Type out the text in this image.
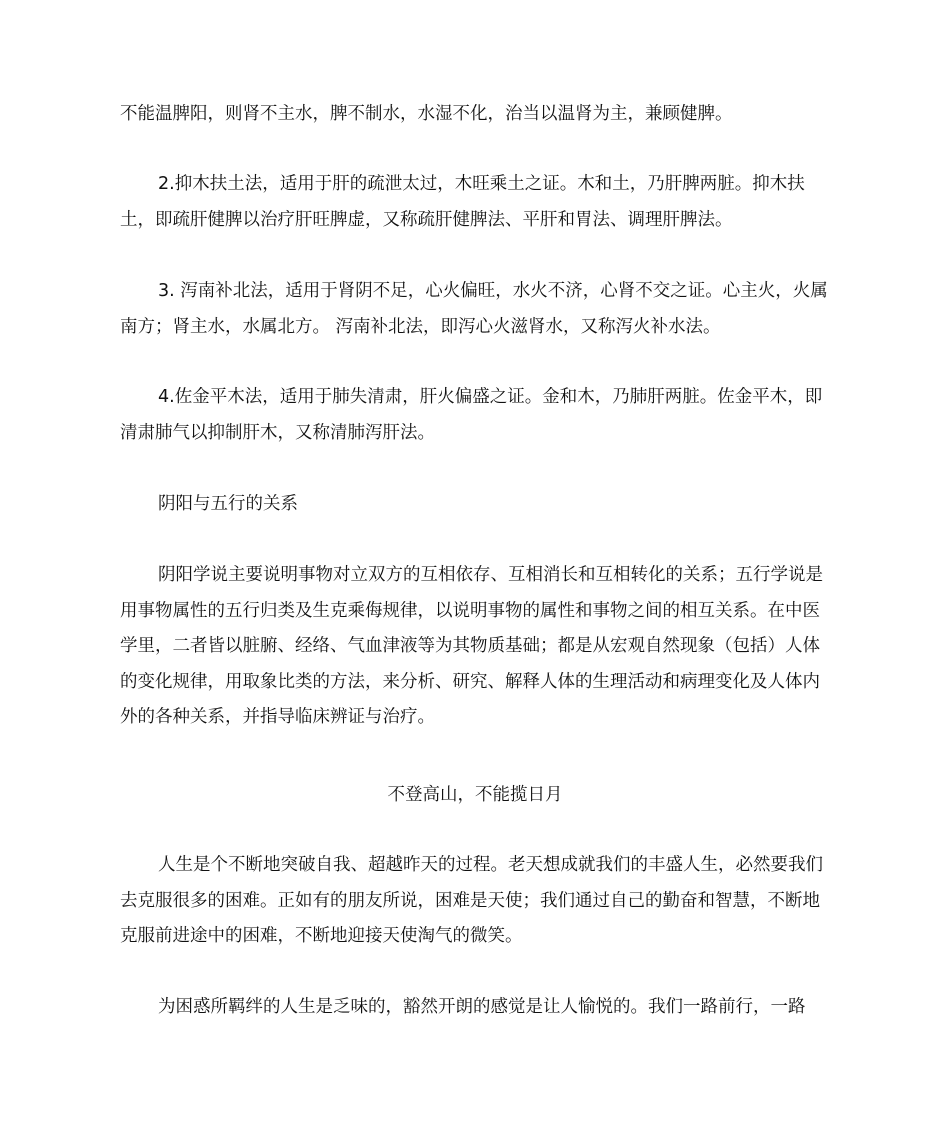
不能温脾阳，则肾不主水，脾不制水，水湿不化，治当以温肾为主，兼顾健脾。

2.抑木扶土法，适用于肝的疏泄太过，木旺乘土之证。木和土，乃肝脾两脏。抑木扶土，即疏肝健脾以治疗肝旺脾虚，又称疏肝健脾法、平肝和胃法、调理肝脾法。

3. 泻南补北法，适用于肾阴不足，心火偏旺，水火不济，心肾不交之证。心主火，火属南方；肾主水，水属北方。 泻南补北法，即泻心火滋肾水，又称泻火补水法。

4.佐金平木法，适用于肺失清肃，肝火偏盛之证。金和木，乃肺肝两脏。佐金平木，即清肃肺气以抑制肝木，又称清肺泻肝法。

阴阳与五行的关系

阴阳学说主要说明事物对立双方的互相依存、互相消长和互相转化的关系；五行学说是用事物属性的五行归类及生克乘侮规律，以说明事物的属性和事物之间的相互关系。在中医学里，二者皆以脏腑、经络、气血津液等为其物质基础；都是从宏观自然现象（包括）人体的变化规律，用取象比类的方法，来分析、研究、解释人体的生理活动和病理变化及人体内外的各种关系，并指导临床辨证与治疗。

不登高山，不能揽日月

人生是个不断地突破自我、超越昨天的过程。老天想成就我们的丰盛人生，必然要我们去克服很多的困难。正如有的朋友所说，困难是天使；我们通过自己的勤奋和智慧，不断地克服前进途中的困难，不断地迎接天使淘气的微笑。

为困惑所羁绊的人生是乏味的，豁然开朗的感觉是让人愉悦的。我们一路前行，一路
